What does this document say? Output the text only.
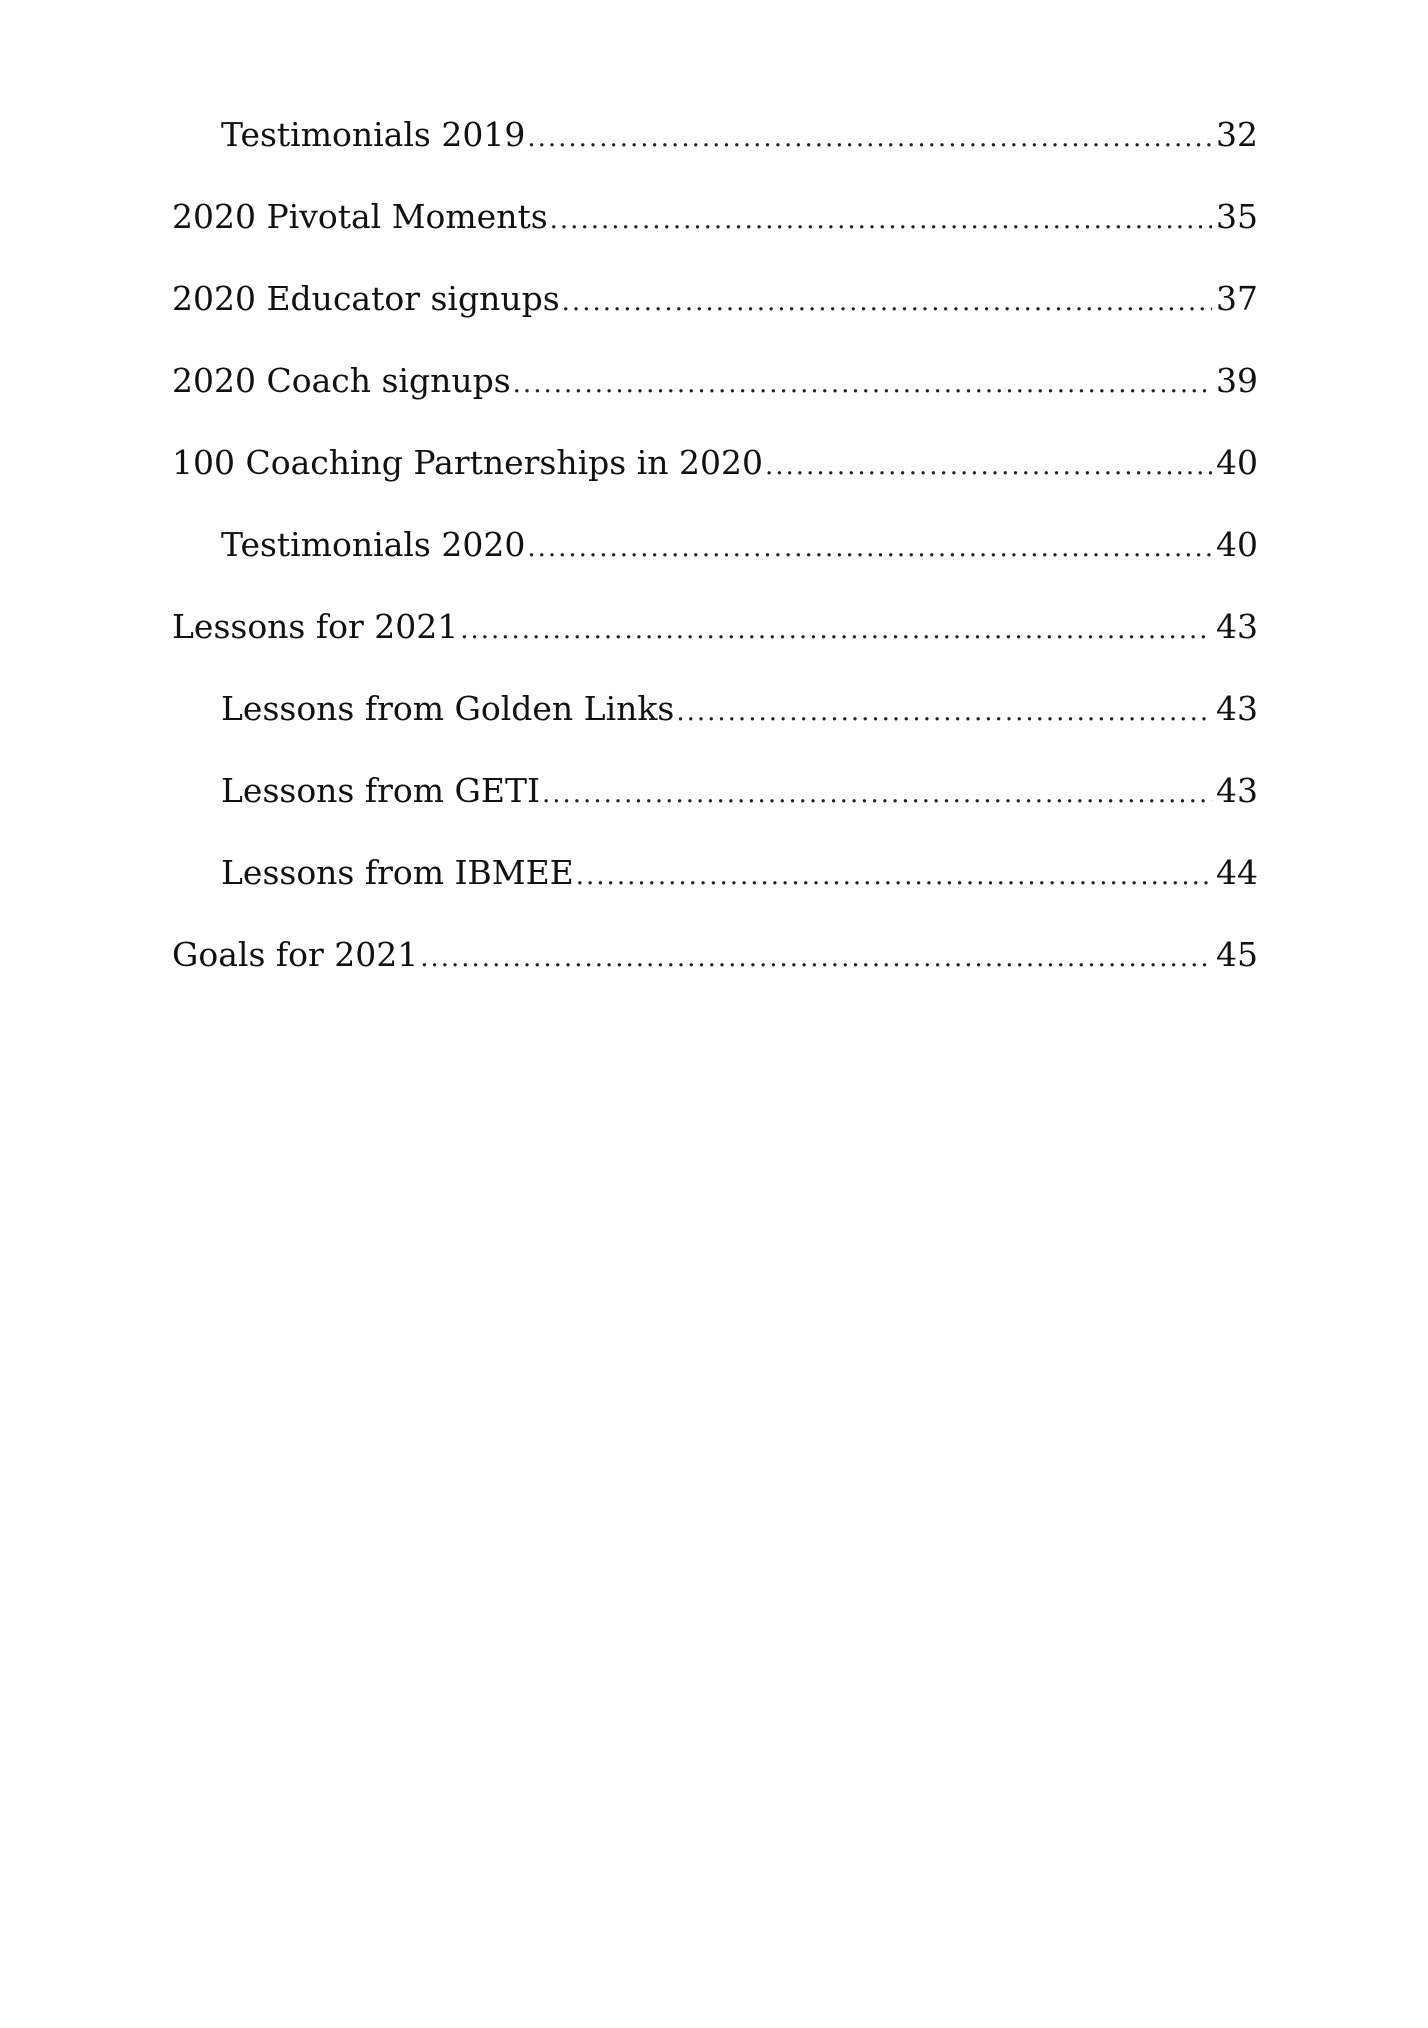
Testimonials 2019 .....	32
2020 Pivotal Moments .....	35
2020 Educator signups .....	37
2020 Coach signups .....	39
100 Coaching Partnerships in 2020 .....	40
Testimonials 2020 .....	40
Lessons for 2021 .....	43
Lessons from Golden Links .....	43
Lessons from GETI .....	43
Lessons from IBMEE .....	44
Goals for 2021 .....	45
